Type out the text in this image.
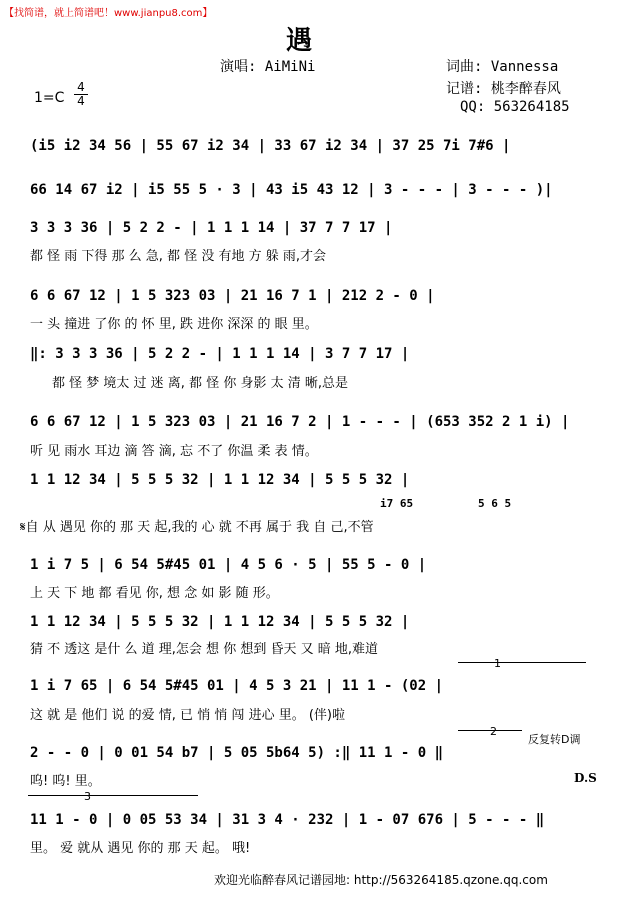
【找简谱，就上简谱吧！www.jianpu8.com】
遇
演唱: AiMiNi	词曲: Vannessa
记谱: 桃李醉春风
QQ: 563264185
1=C
4
4
(i5 i2 34 56 | 55 67 i2 34 | 33 67 i2 34 | 37 25 7i 7#6 |
66 14 67 i2 | i5 55 5 · 3 | 43 i5 43 12 | 3 - - - | 3 - - - )|
3 3 3 36 | 5 2 2 - | 1 1 1 14 | 37 7 7 17 |
都 怪 雨 下得 那 么 急, 都 怪 没 有地 方 躲 雨,才会
6 6 67 12 | 1 5 323 03 | 21 16 7 1 | 212 2 - 0 |
一 头 撞进 了你 的 怀 里, 跌 进你 深深 的 眼 里。
‖: 3 3 3 36 | 5 2 2 - | 1 1 1 14 | 3 7 7 17 |
都 怪 梦 境太 过 迷 离, 都 怪 你 身影 太 清 晰,总是
6 6 67 12 | 1 5 323 03 | 21 16 7 2 | 1 - - - | (653 352 2 1 i) |
听 见 雨水 耳边 滴 答 滴, 忘 不了 你温 柔 表 情。
1 1 12 34 | 5 5 5 32 | 1 1 12 34 | 5 5 5 32 |
i7 65	5 6 5
𝄋自 从 遇见 你的 那 天 起,我的 心 就 不再 属于 我 自 己,不管
1 i 7 5 | 6 54 5#45 01 | 4 5 6 · 5 | 55 5 - 0 |
上 天 下 地 都 看见 你, 想 念 如 影 随 形。
1 1 12 34 | 5 5 5 32 | 1 1 12 34 | 5 5 5 32 |
猜 不 透这 是什 么 道 理,怎会 想 你 想到 昏天 又 暗 地,难道
1
1 i 7 65 | 6 54 5#45 01 | 4 5 3 21 | 11 1 - (02 |
这 就 是 他们 说 的爱 情, 已 悄 悄 闯 进心 里。 (伴)啦
2
反复转D调
2 - - 0 | 0 01 54 b7 | 5 05 5b64 5) :‖ 11 1 - 0 ‖
呜! 呜! 里。	D.S
3
11 1 - 0 | 0 05 53 34 | 31 3 4 · 232 | 1 - 07 676 | 5 - - - ‖
里。 爱 就从 遇见 你的 那 天 起。 哦!
欢迎光临醉春风记谱园地: http://563264185.qzone.qq.com
